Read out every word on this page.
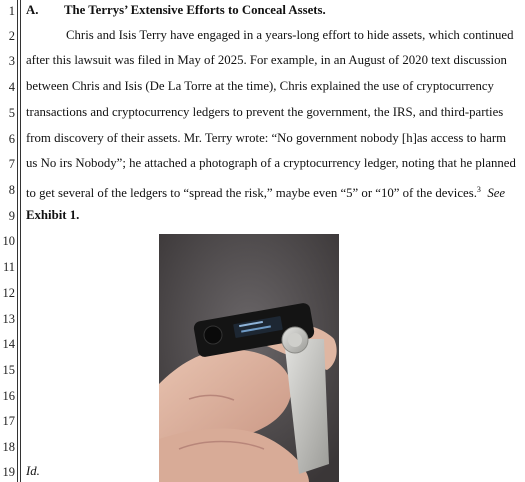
1
2
3
4
5
6
7
8
9
10
11
12
13
14
15
16
17
18
19
A. The Terrys’ Extensive Efforts to Conceal Assets.
Chris and Isis Terry have engaged in a years-long effort to hide assets, which continued
after this lawsuit was filed in May of 2025. For example, in an August of 2020 text discussion
between Chris and Isis (De La Torre at the time), Chris explained the use of cryptocurrency
transactions and cryptocurrency ledgers to prevent the government, the IRS, and third-parties
from discovery of their assets. Mr. Terry wrote: “No government nobody [h]as access to harm
us No irs Nobody”; he attached a photograph of a cryptocurrency ledger, noting that he planned
to get several of the ledgers to “spread the risk,” maybe even “5” or “10” of the devices.$^3$ See
Exhibit 1.
Id.
